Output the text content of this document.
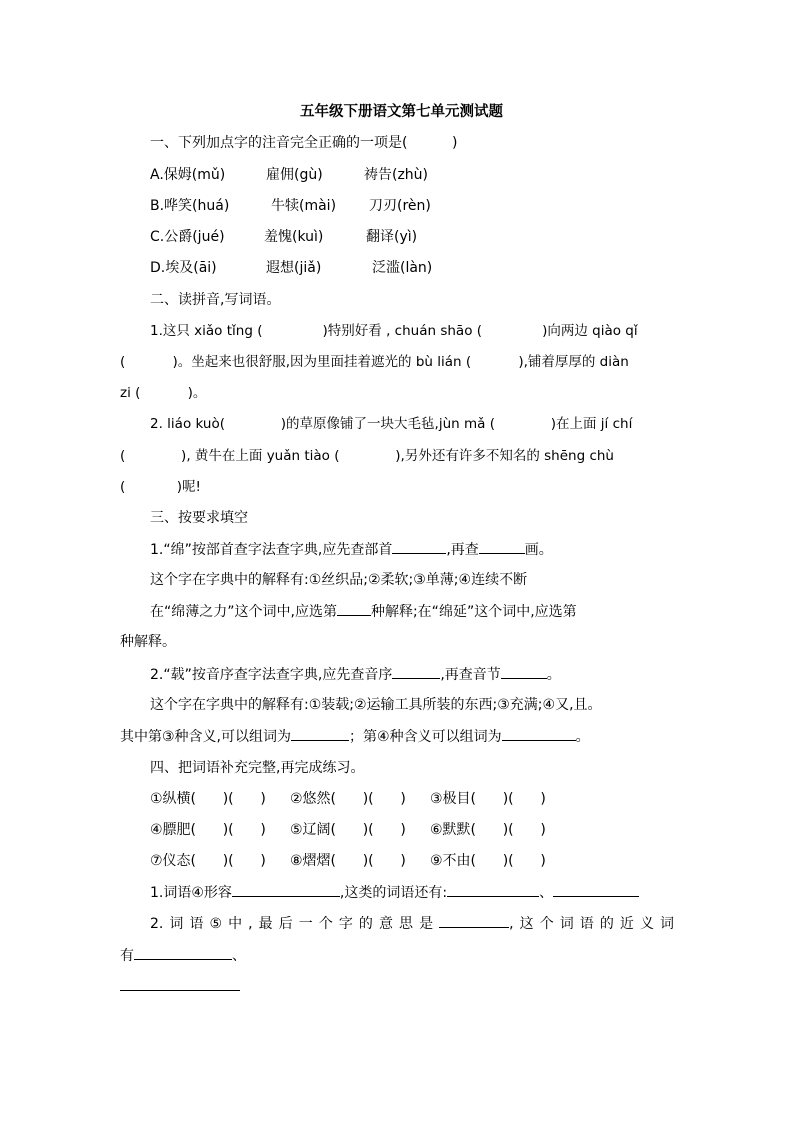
五年级下册语文第七单元测试题
一、下列加点字的注音完全正确的一项是(          )
A.保姆(mǔ)	雇佣(gù)	祷告(zhù)
B.哗笑(huá)	牛犊(mài) 刀刃(rèn)
C.公爵(jué)	羞愧(kuì)	翻译(yì)
D.埃及(āi)	遐想(jiǎ)	泛滥(làn)
二、读拼音,写词语。
1.这只 xiǎo tǐng (              )特别好看 , chuán shāo (              )向两边 qiào qǐ
(           )。坐起来也很舒服,因为里面挂着遮光的 bù lián (           ),铺着厚厚的 diàn
zi (           )。
2. liáo kuò(             )的草原像铺了一块大毛毡,jùn mǎ (             )在上面 jí chí
(             ), 黄牛在上面 yuǎn tiào (             ),另外还有许多不知名的 shēng chù
(            )呢!
三、按要求填空
1.“绵”按部首查字法查字典,应先查部首	,再查	画。
这个字在字典中的解释有:①丝织品;②柔软;③单薄;④连续不断
在“绵薄之力”这个词中,应选第 种解释;在“绵延”这个词中,应选第
种解释。
2.“载”按音序查字法查字典,应先查音序	,再查音节	。
这个字在字典中的解释有:①装载;②运输工具所装的东西;③充满;④又,且。
其中第③种含义,可以组词为	；第④种含义可以组词为	。
四、把词语补充完整,再完成练习。
①纵横(      )(      ) ②悠然(      )(      ) ③极目(      )(      )
④膘肥(      )(      ) ⑤辽阔(      )(      ) ⑥默默(      )(      )
⑦仪态(      )(      ) ⑧熠熠(      )(      ) ⑨不由(      )(      )
1.词语④形容	,这类的词语还有:	、
2.词语⑤中,最后一个字的意思是	,这个词语的近义词
有	、
